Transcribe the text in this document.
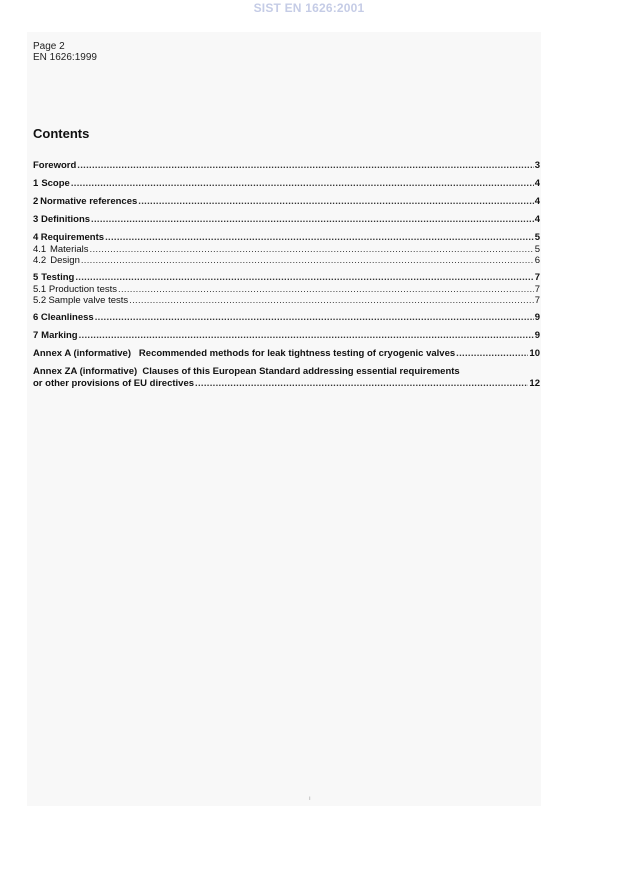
SIST EN 1626:2001
Page 2
EN 1626:1999
Contents
Foreword .....	3
1 Scope .....	4
2 Normative references .....	4
3 Definitions .....	4
4 Requirements .....	5
4.1 Materials .....	5
4.2 Design .....	6
5 Testing .....	7
5.1 Production tests .....	7
5.2 Sample valve tests .....	7
6 Cleanliness .....	9
7 Marking .....	9
Annex A (informative)   Recommended methods for leak tightness testing of cryogenic valves .....	10
Annex ZA (informative)  Clauses of this European Standard addressing essential requirements
or other provisions of EU directives .....	12
ı
